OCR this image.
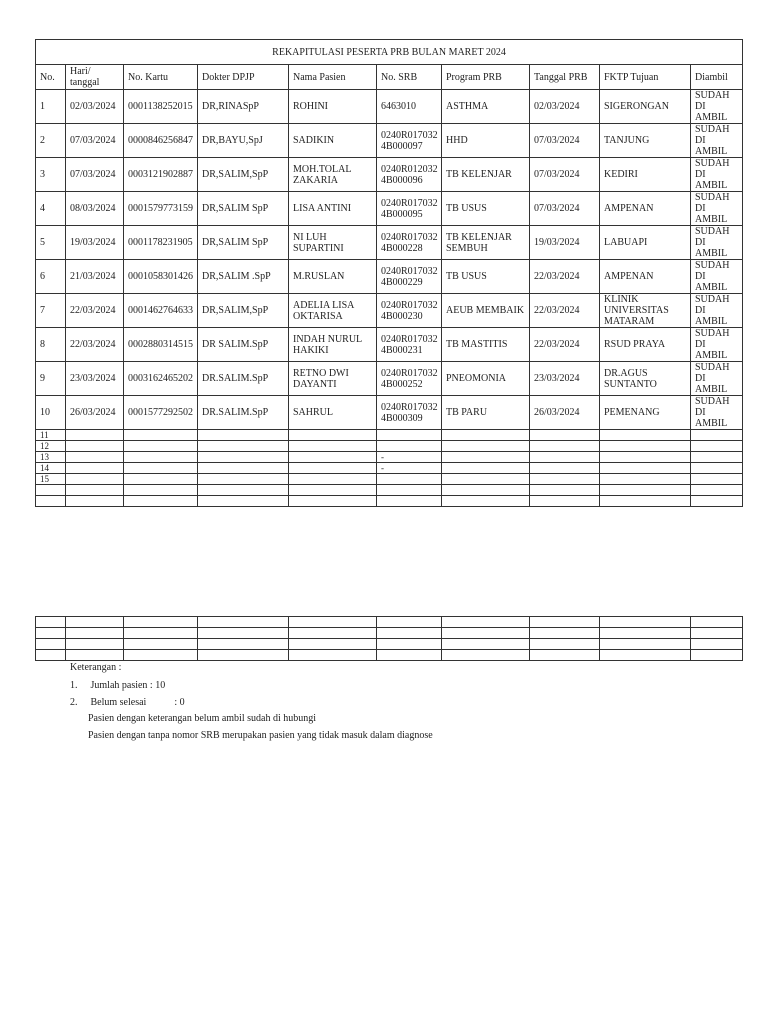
REKAPITULASI PESERTA PRB BULAN MARET 2024									
No.	Hari/ tanggal	No. Kartu	Dokter DPJP	Nama Pasien	No. SRB	Program PRB	Tanggal PRB	FKTP Tujuan	Diambil
1	02/03/2024	0001138252015	DR,RINASpP	ROHINI	6463010	ASTHMA	02/03/2024	SIGERONGAN	SUDAH DI AMBIL
2	07/03/2024	0000846256847	DR,BAYU,SpJ	SADIKIN	0240R017032 4B000097	HHD	07/03/2024	TANJUNG	SUDAH DI AMBIL
3	07/03/2024	0003121902887	DR,SALIM,SpP	MOH.TOLAL ZAKARIA	0240R012032 4B000096	TB KELENJAR	07/03/2024	KEDIRI	SUDAH DI AMBIL
4	08/03/2024	0001579773159	DR,SALIM SpP	LISA ANTINI	0240R017032 4B000095	TB USUS	07/03/2024	AMPENAN	SUDAH DI AMBIL
5	19/03/2024	0001178231905	DR,SALIM SpP	NI LUH SUPARTINI	0240R017032 4B000228	TB KELENJAR SEMBUH	19/03/2024	LABUAPI	SUDAH DI AMBIL
6	21/03/2024	0001058301426	DR,SALIM .SpP	M.RUSLAN	0240R017032 4B000229	TB USUS	22/03/2024	AMPENAN	SUDAH DI AMBIL
7	22/03/2024	0001462764633	DR,SALIM,SpP	ADELIA LISA OKTARISA	0240R017032 4B000230	AEUB MEMBAIK	22/03/2024	KLINIK UNIVERSITAS MATARAM	SUDAH DI AMBIL
8	22/03/2024	0002880314515	DR SALIM.SpP	INDAH NURUL HAKIKI	0240R017032 4B000231	TB MASTITIS	22/03/2024	RSUD PRAYA	SUDAH DI AMBIL
9	23/03/2024	0003162465202	DR.SALIM.SpP	RETNO DWI DAYANTI	0240R017032 4B000252	PNEOMONIA	23/03/2024	DR.AGUS SUNTANTO	SUDAH DI AMBIL
10	26/03/2024	0001577292502	DR.SALIM.SpP	SAHRUL	0240R017032 4B000309	TB PARU	26/03/2024	PEMENANG	SUDAH DI AMBIL
11									
12									
13					-				
14					-				
15									

Keterangan :
1. Jumlah pasien : 10
2. Belum selesai	: 0
Pasien dengan keterangan belum ambil sudah di hubungi
Pasien dengan tanpa nomor SRB merupakan pasien yang tidak masuk dalam diagnose
